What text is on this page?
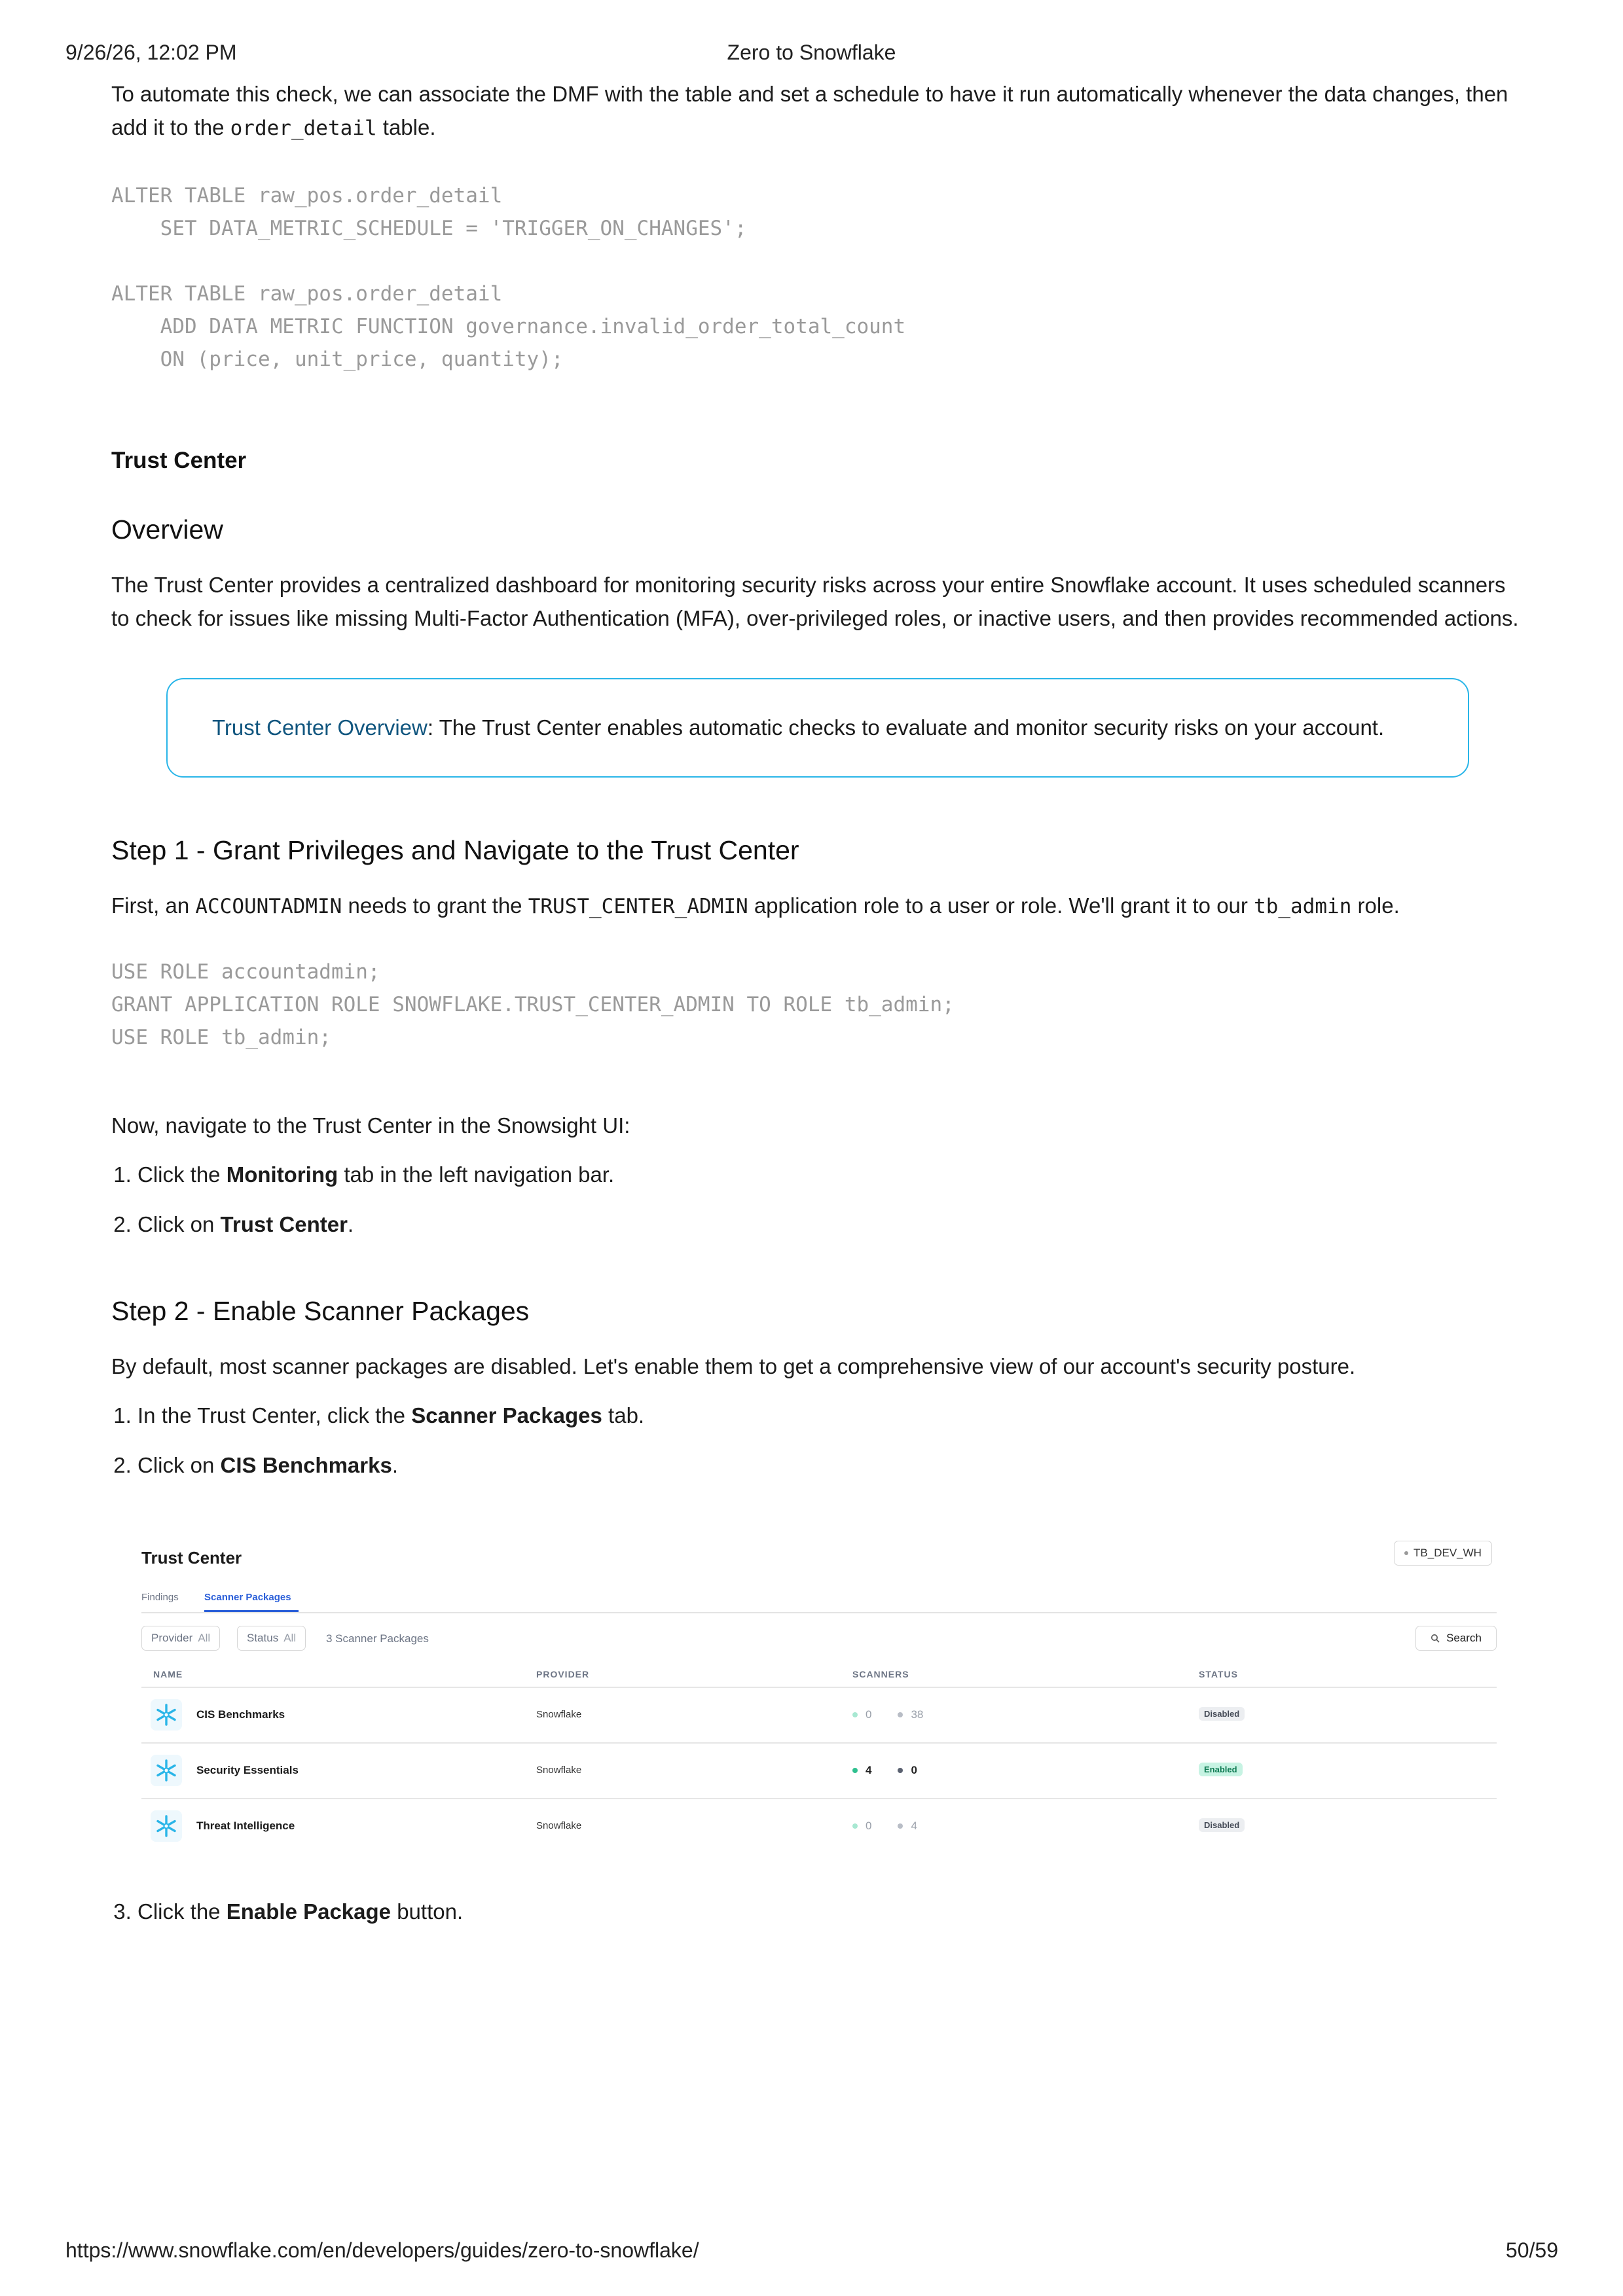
9/26/26, 12:02 PM	Zero to Snowflake
To automate this check, we can associate the DMF with the table and set a schedule to have it run automatically whenever the data changes, then add it to the order_detail table.
ALTER TABLE raw_pos.order_detail
SET DATA_METRIC_SCHEDULE = 'TRIGGER_ON_CHANGES';

ALTER TABLE raw_pos.order_detail
ADD DATA METRIC FUNCTION governance.invalid_order_total_count
ON (price, unit_price, quantity);
Trust Center
Overview
The Trust Center provides a centralized dashboard for monitoring security risks across your entire Snowflake account. It uses scheduled scanners to check for issues like missing Multi-Factor Authentication (MFA), over-privileged roles, or inactive users, and then provides recommended actions.
Trust Center Overview: The Trust Center enables automatic checks to evaluate and monitor security risks on your account.
Step 1 - Grant Privileges and Navigate to the Trust Center
First, an ACCOUNTADMIN needs to grant the TRUST_CENTER_ADMIN application role to a user or role. We'll grant it to our tb_admin role.
USE ROLE accountadmin;
GRANT APPLICATION ROLE SNOWFLAKE.TRUST_CENTER_ADMIN TO ROLE tb_admin;
USE ROLE tb_admin;
Now, navigate to the Trust Center in the Snowsight UI:
1. Click the Monitoring tab in the left navigation bar.
2. Click on Trust Center.
Step 2 - Enable Scanner Packages
By default, most scanner packages are disabled. Let's enable them to get a comprehensive view of our account's security posture.
1. In the Trust Center, click the Scanner Packages tab.
2. Click on CIS Benchmarks.
Trust Center	TB_DEV_WH
Findings	Scanner Packages
Provider All	Status All	3 Scanner Packages	Search
NAME	PROVIDER	SCANNERS	STATUS
CIS Benchmarks	Snowflake	0	38	Disabled
Security Essentials	Snowflake	4	0	Enabled
Threat Intelligence	Snowflake	0	4	Disabled
3. Click the Enable Package button.
https://www.snowflake.com/en/developers/guides/zero-to-snowflake/	50/59
